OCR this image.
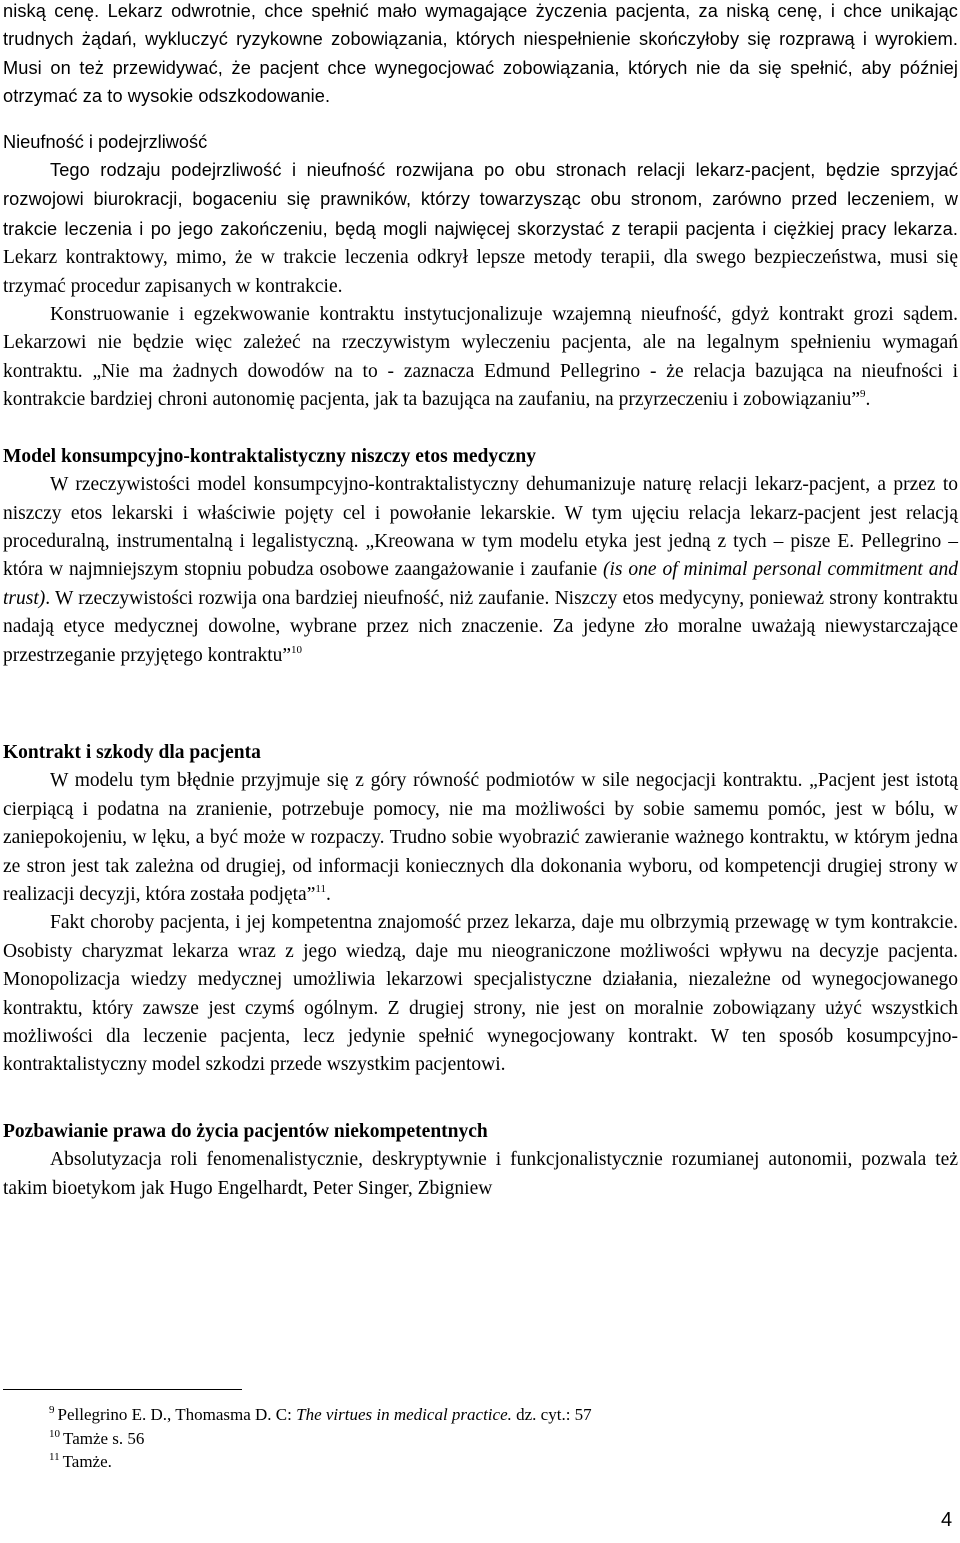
niską cenę. Lekarz odwrotnie, chce spełnić mało wymagające życzenia pacjenta, za niską cenę, i chce unikając trudnych żądań, wykluczyć ryzykowne zobowiązania, których niespełnienie skończyłoby się rozprawą i wyrokiem. Musi on też przewidywać, że pacjent chce wynegocjować zobowiązania, których nie da się spełnić, aby później otrzymać za to wysokie odszkodowanie.

Nieufność i podejrzliwość

Tego rodzaju podejrzliwość i nieufność rozwijana po obu stronach relacji lekarz-pacjent, będzie sprzyjać rozwojowi biurokracji, bogaceniu się prawników, którzy towarzysząc obu stronom, zarówno przed leczeniem, w trakcie leczenia i po jego zakończeniu, będą mogli najwięcej skorzystać z terapii pacjenta i ciężkiej pracy lekarza. Lekarz kontraktowy, mimo, że w trakcie leczenia odkrył lepsze metody terapii, dla swego bezpieczeństwa, musi się trzymać procedur zapisanych w kontrakcie.

Konstruowanie i egzekwowanie kontraktu instytucjonalizuje wzajemną nieufność, gdyż kontrakt grozi sądem. Lekarzowi nie będzie więc zależeć na rzeczywistym wyleczeniu pacjenta, ale na legalnym spełnieniu wymagań kontraktu. „Nie ma żadnych dowodów na to - zaznacza Edmund Pellegrino - że relacja bazująca na nieufności i kontrakcie bardziej chroni autonomię pacjenta, jak ta bazująca na zaufaniu, na przyrzeczeniu i zobowiązaniu”$^9$.

Model konsumpcyjno-kontraktalistyczny niszczy etos medyczny

W rzeczywistości model konsumpcyjno-kontraktalistyczny dehumanizuje naturę relacji lekarz-pacjent, a przez to niszczy etos lekarski i właściwie pojęty cel i powołanie lekarskie. W tym ujęciu relacja lekarz-pacjent jest relacją proceduralną, instrumentalną i legalistyczną. „Kreowana w tym modelu etyka jest jedną z tych – pisze E. Pellegrino – która w najmniejszym stopniu pobudza osobowe zaangażowanie i zaufanie (is one of minimal personal commitment and trust). W rzeczywistości rozwija ona bardziej nieufność, niż zaufanie. Niszczy etos medycyny, ponieważ strony kontraktu nadają etyce medycznej dowolne, wybrane przez nich znaczenie. Za jedyne zło moralne uważają niewystarczające przestrzeganie przyjętego kontraktu”$^{10}$

Kontrakt i szkody dla pacjenta

W modelu tym błędnie przyjmuje się z góry równość podmiotów w sile negocjacji kontraktu. „Pacjent jest istotą cierpiącą i podatna na zranienie, potrzebuje pomocy, nie ma możliwości by sobie samemu pomóc, jest w bólu, w zaniepokojeniu, w lęku, a być może w rozpaczy. Trudno sobie wyobrazić zawieranie ważnego kontraktu, w którym jedna ze stron jest tak zależna od drugiej, od informacji koniecznych dla dokonania wyboru, od kompetencji drugiej strony w realizacji decyzji, która została podjęta”$^{11}$.

Fakt choroby pacjenta, i jej kompetentna znajomość przez lekarza, daje mu olbrzymią przewagę w tym kontrakcie. Osobisty charyzmat lekarza wraz z jego wiedzą, daje mu nieograniczone możliwości wpływu na decyzje pacjenta. Monopolizacja wiedzy medycznej umożliwia lekarzowi specjalistyczne działania, niezależne od wynegocjowanego kontraktu, który zawsze jest czymś ogólnym. Z drugiej strony, nie jest on moralnie zobowiązany użyć wszystkich możliwości dla leczenie pacjenta, lecz jedynie spełnić wynegocjowany kontrakt. W ten sposób kosumpcyjno-kontraktalistyczny model szkodzi przede wszystkim pacjentowi.

Pozbawianie prawa do życia pacjentów niekompetentnych

Absolutyzacja roli fenomenalistycznie, deskryptywnie i funkcjonalistycznie rozumianej autonomii, pozwala też takim bioetykom jak Hugo Engelhardt, Peter Singer, Zbigniew

$^9$ Pellegrino E. D., Thomasma D. C: The virtues in medical practice. dz. cyt.: 57
$^{10}$ Tamże s. 56
$^{11}$ Tamże.
4
